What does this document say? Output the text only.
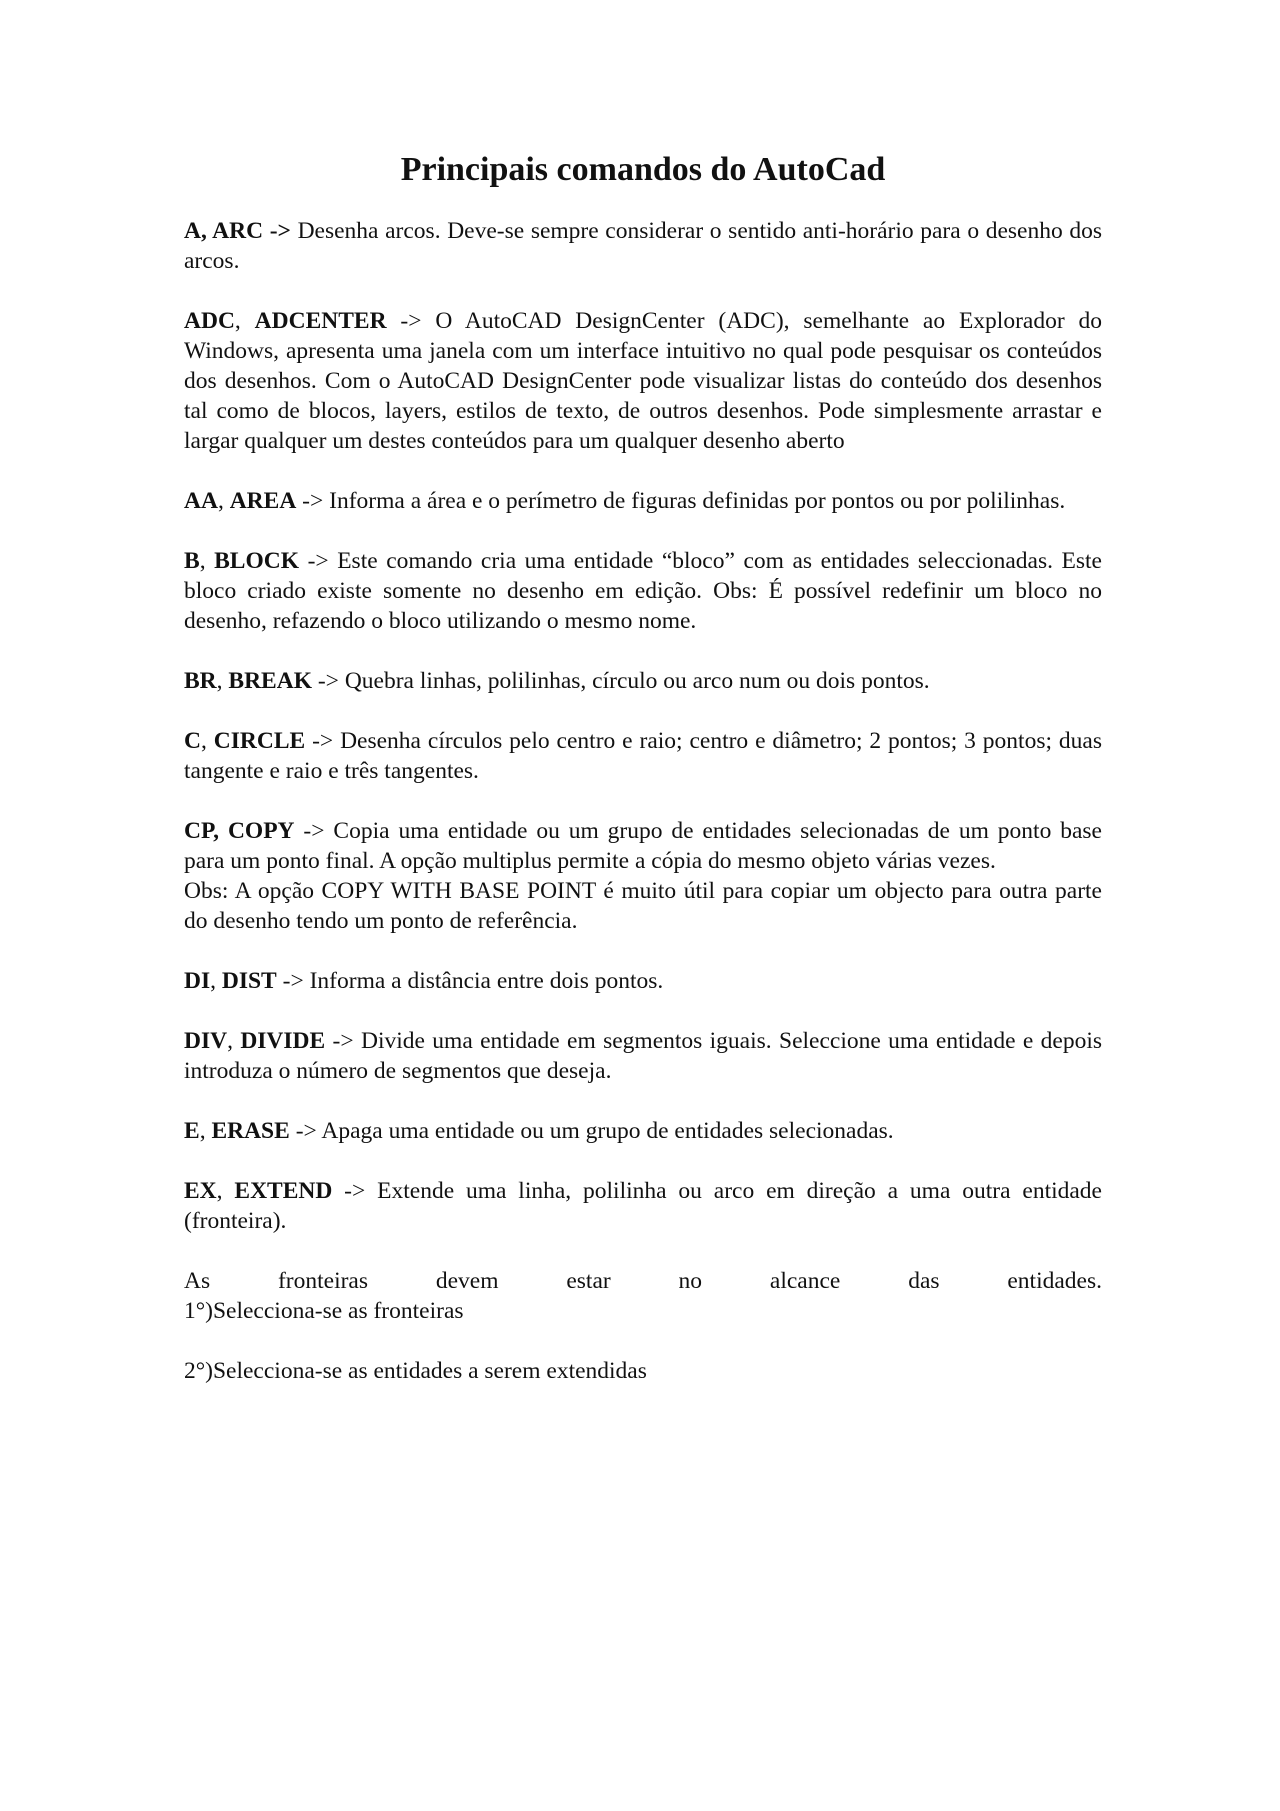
Principais comandos do AutoCad

A, ARC -> Desenha arcos. Deve-se sempre considerar o sentido anti-horário para o desenho dos arcos.

ADC, ADCENTER -> O AutoCAD DesignCenter (ADC), semelhante ao Explorador do Windows, apresenta uma janela com um interface intuitivo no qual pode pesquisar os conteúdos dos desenhos. Com o AutoCAD DesignCenter pode visualizar listas do conteúdo dos desenhos tal como de blocos, layers, estilos de texto, de outros desenhos. Pode simplesmente arrastar e largar qualquer um destes conteúdos para um qualquer desenho aberto

AA, AREA -> Informa a área e o perímetro de figuras definidas por pontos ou por polilinhas.

B, BLOCK -> Este comando cria uma entidade “bloco” com as entidades seleccionadas. Este bloco criado existe somente no desenho em edição. Obs: É possível redefinir um bloco no desenho, refazendo o bloco utilizando o mesmo nome.

BR, BREAK -> Quebra linhas, polilinhas, círculo ou arco num ou dois pontos.

C, CIRCLE -> Desenha círculos pelo centro e raio; centro e diâmetro; 2 pontos; 3 pontos; duas tangente e raio e três tangentes.

CP, COPY -> Copia uma entidade ou um grupo de entidades selecionadas de um ponto base para um ponto final. A opção multiplus permite a cópia do mesmo objeto várias vezes.

Obs: A opção COPY WITH BASE POINT é muito útil para copiar um objecto para outra parte do desenho tendo um ponto de referência.

DI, DIST -> Informa a distância entre dois pontos.

DIV, DIVIDE -> Divide uma entidade em segmentos iguais. Seleccione uma entidade e depois introduza o número de segmentos que deseja.

E, ERASE -> Apaga uma entidade ou um grupo de entidades selecionadas.

EX, EXTEND -> Extende uma linha, polilinha ou arco em direção a uma outra entidade (fronteira).

As fronteiras devem estar no alcance das entidades.

1°)Selecciona-se as fronteiras

2°)Selecciona-se as entidades a serem extendidas
